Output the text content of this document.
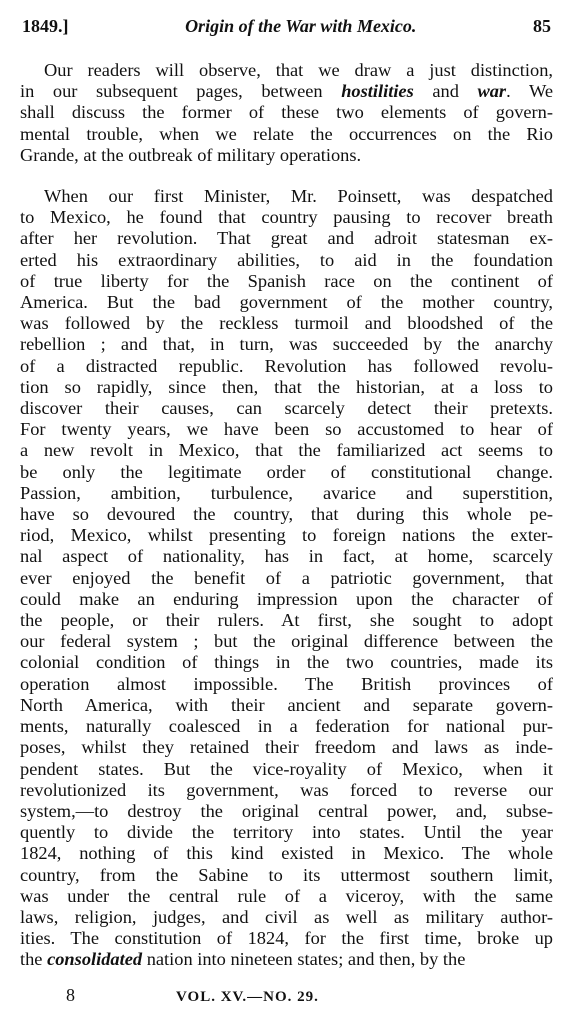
1849.]	Origin of the War with Mexico.	85
Our readers will observe, that we draw a just distinction,
in our subsequent pages, between hostilities and war. We
shall discuss the former of these two elements of govern-
mental trouble, when we relate the occurrences on the Rio
Grande, at the outbreak of military operations.
When our first Minister, Mr. Poinsett, was despatched
to Mexico, he found that country pausing to recover breath
after her revolution. That great and adroit statesman ex-
erted his extraordinary abilities, to aid in the foundation
of true liberty for the Spanish race on the continent of
America. But the bad government of the mother country,
was followed by the reckless turmoil and bloodshed of the
rebellion ; and that, in turn, was succeeded by the anarchy
of a distracted republic. Revolution has followed revolu-
tion so rapidly, since then, that the historian, at a loss to
discover their causes, can scarcely detect their pretexts.
For twenty years, we have been so accustomed to hear of
a new revolt in Mexico, that the familiarized act seems to
be only the legitimate order of constitutional change.
Passion, ambition, turbulence, avarice and superstition,
have so devoured the country, that during this whole pe-
riod, Mexico, whilst presenting to foreign nations the exter-
nal aspect of nationality, has in fact, at home, scarcely
ever enjoyed the benefit of a patriotic government, that
could make an enduring impression upon the character of
the people, or their rulers. At first, she sought to adopt
our federal system ; but the original difference between the
colonial condition of things in the two countries, made its
operation almost impossible. The British provinces of
North America, with their ancient and separate govern-
ments, naturally coalesced in a federation for national pur-
poses, whilst they retained their freedom and laws as inde-
pendent states. But the vice-royality of Mexico, when it
revolutionized its government, was forced to reverse our
system,—to destroy the original central power, and, subse-
quently to divide the territory into states. Until the year
1824, nothing of this kind existed in Mexico. The whole
country, from the Sabine to its uttermost southern limit,
was under the central rule of a viceroy, with the same
laws, religion, judges, and civil as well as military author-
ities. The constitution of 1824, for the first time, broke up
the consolidated nation into nineteen states; and then, by the
8	VOL. XV.—NO. 29.
